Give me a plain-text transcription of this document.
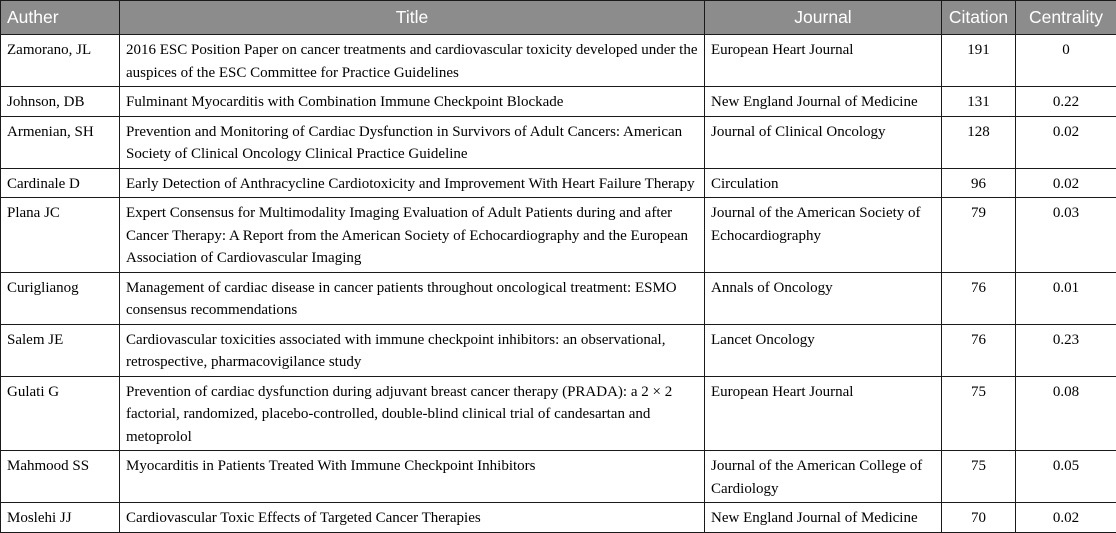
Auther	Title	Journal	Citation	Centrality
Zamorano, JL	2016 ESC Position Paper on cancer treatments and cardiovascular toxicity developed under the auspices of the ESC Committee for Practice Guidelines	European Heart Journal	191	0
Johnson, DB	Fulminant Myocarditis with Combination Immune Checkpoint Blockade	New England Journal of Medicine	131	0.22
Armenian, SH	Prevention and Monitoring of Cardiac Dysfunction in Survivors of Adult Cancers: American Society of Clinical Oncology Clinical Practice Guideline	Journal of Clinical Oncology	128	0.02
Cardinale D	Early Detection of Anthracycline Cardiotoxicity and Improvement With Heart Failure Therapy	Circulation	96	0.02
Plana JC	Expert Consensus for Multimodality Imaging Evaluation of Adult Patients during and after Cancer Therapy: A Report from the American Society of Echocardiography and the European Association of Cardiovascular Imaging	Journal of the American Society of Echocardiography	79	0.03
Curiglianog	Management of cardiac disease in cancer patients throughout oncological treatment: ESMO consensus recommendations	Annals of Oncology	76	0.01
Salem JE	Cardiovascular toxicities associated with immune checkpoint inhibitors: an observational, retrospective, pharmacovigilance study	Lancet Oncology	76	0.23
Gulati G	Prevention of cardiac dysfunction during adjuvant breast cancer therapy (PRADA): a 2 × 2 factorial, randomized, placebo-controlled, double-blind clinical trial of candesartan and metoprolol	European Heart Journal	75	0.08
Mahmood SS	Myocarditis in Patients Treated With Immune Checkpoint Inhibitors	Journal of the American College of Cardiology	75	0.05
Moslehi JJ	Cardiovascular Toxic Effects of Targeted Cancer Therapies	New England Journal of Medicine	70	0.02
